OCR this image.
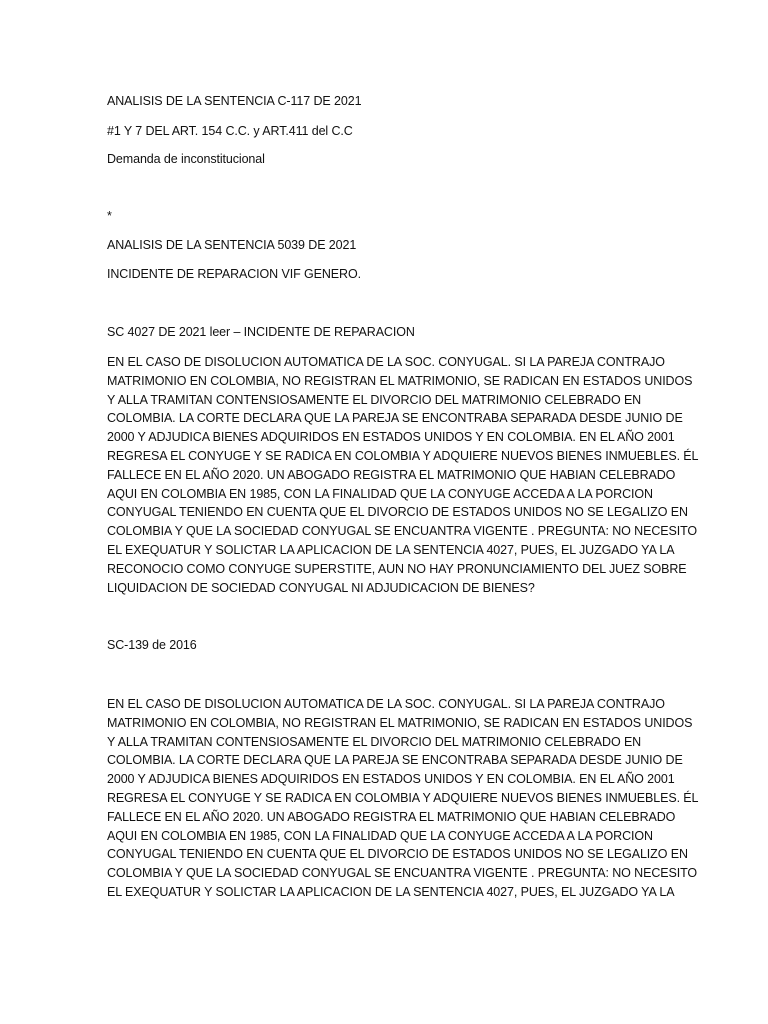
ANALISIS DE LA SENTENCIA C-117 DE 2021
#1 Y 7 DEL ART. 154 C.C. y ART.411 del C.C
Demanda de inconstitucional
*
ANALISIS DE LA SENTENCIA 5039 DE 2021
INCIDENTE DE REPARACION VIF GENERO.
SC 4027 DE 2021 leer – INCIDENTE DE REPARACION
EN EL CASO DE DISOLUCION AUTOMATICA DE LA SOC. CONYUGAL. SI LA PAREJA CONTRAJO
MATRIMONIO EN COLOMBIA, NO REGISTRAN EL MATRIMONIO, SE RADICAN EN ESTADOS UNIDOS
Y ALLA TRAMITAN CONTENSIOSAMENTE EL DIVORCIO DEL MATRIMONIO CELEBRADO EN
COLOMBIA. LA CORTE DECLARA QUE LA PAREJA SE ENCONTRABA SEPARADA DESDE JUNIO DE
2000 Y ADJUDICA BIENES ADQUIRIDOS EN ESTADOS UNIDOS Y EN COLOMBIA. EN EL AÑO 2001
REGRESA EL CONYUGE Y SE RADICA EN COLOMBIA Y ADQUIERE NUEVOS BIENES INMUEBLES. ÉL
FALLECE EN EL AÑO 2020. UN ABOGADO REGISTRA EL MATRIMONIO QUE HABIAN CELEBRADO
AQUI EN COLOMBIA EN 1985, CON LA FINALIDAD QUE LA CONYUGE ACCEDA A LA PORCION
CONYUGAL TENIENDO EN CUENTA QUE EL DIVORCIO DE ESTADOS UNIDOS NO SE LEGALIZO EN
COLOMBIA Y QUE LA SOCIEDAD CONYUGAL SE ENCUANTRA VIGENTE . PREGUNTA: NO NECESITO
EL EXEQUATUR Y SOLICTAR LA APLICACION DE LA SENTENCIA 4027, PUES, EL JUZGADO YA LA
RECONOCIO COMO CONYUGE SUPERSTITE, AUN NO HAY PRONUNCIAMIENTO DEL JUEZ SOBRE
LIQUIDACION DE SOCIEDAD CONYUGAL NI ADJUDICACION DE BIENES?
SC-139 de 2016
EN EL CASO DE DISOLUCION AUTOMATICA DE LA SOC. CONYUGAL. SI LA PAREJA CONTRAJO
MATRIMONIO EN COLOMBIA, NO REGISTRAN EL MATRIMONIO, SE RADICAN EN ESTADOS UNIDOS
Y ALLA TRAMITAN CONTENSIOSAMENTE EL DIVORCIO DEL MATRIMONIO CELEBRADO EN
COLOMBIA. LA CORTE DECLARA QUE LA PAREJA SE ENCONTRABA SEPARADA DESDE JUNIO DE
2000 Y ADJUDICA BIENES ADQUIRIDOS EN ESTADOS UNIDOS Y EN COLOMBIA. EN EL AÑO 2001
REGRESA EL CONYUGE Y SE RADICA EN COLOMBIA Y ADQUIERE NUEVOS BIENES INMUEBLES. ÉL
FALLECE EN EL AÑO 2020. UN ABOGADO REGISTRA EL MATRIMONIO QUE HABIAN CELEBRADO
AQUI EN COLOMBIA EN 1985, CON LA FINALIDAD QUE LA CONYUGE ACCEDA A LA PORCION
CONYUGAL TENIENDO EN CUENTA QUE EL DIVORCIO DE ESTADOS UNIDOS NO SE LEGALIZO EN
COLOMBIA Y QUE LA SOCIEDAD CONYUGAL SE ENCUANTRA VIGENTE . PREGUNTA: NO NECESITO
EL EXEQUATUR Y SOLICTAR LA APLICACION DE LA SENTENCIA 4027, PUES, EL JUZGADO YA LA
